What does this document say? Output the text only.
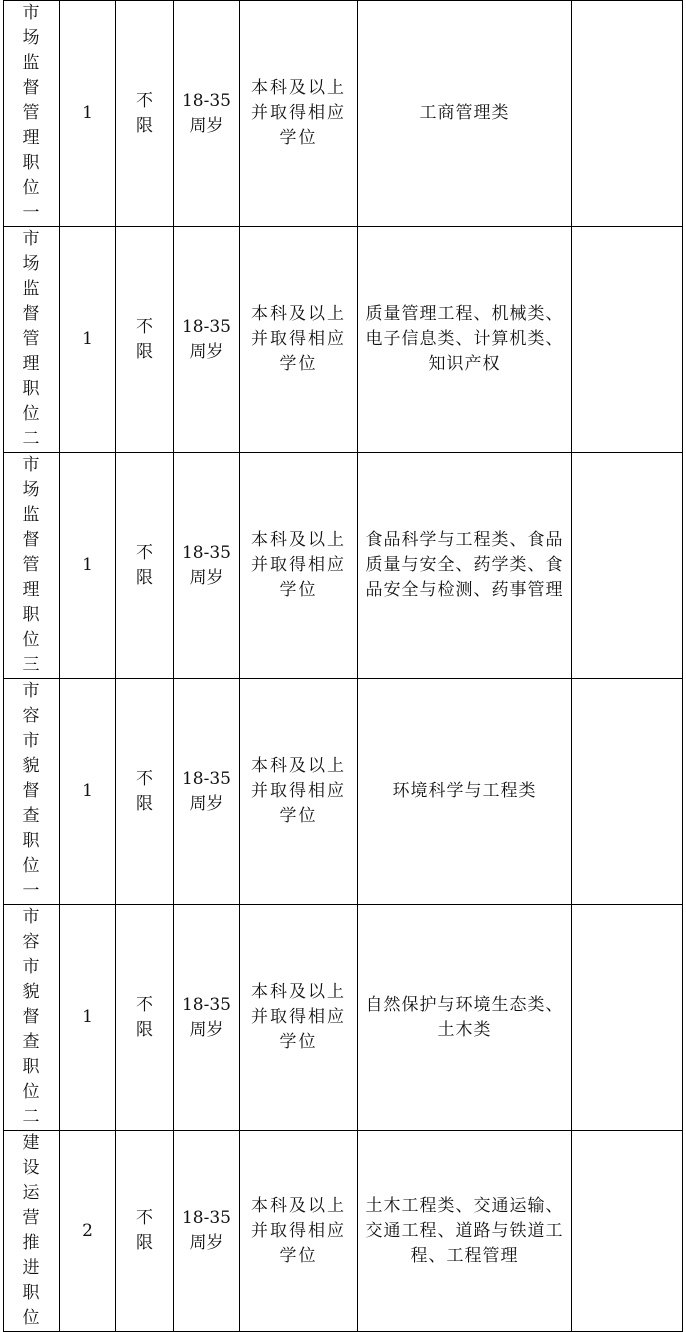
市场监督管理职位一	1	不限	18-35周岁	本科及以上并取得相应学位	工商管理类	

市场监督管理职位二	1	不限	18-35周岁	本科及以上并取得相应学位	质量管理工程、机械类、电子信息类、计算机类、知识产权	

市场监督管理职位三	1	不限	18-35周岁	本科及以上并取得相应学位	食品科学与工程类、食品质量与安全、药学类、食品安全与检测、药事管理	

市容市貌督查职位一	1	不限	18-35周岁	本科及以上并取得相应学位	环境科学与工程类	

市容市貌督查职位二	1	不限	18-35周岁	本科及以上并取得相应学位	自然保护与环境生态类、土木类	

建设运营推进职位	2	不限	18-35周岁	本科及以上并取得相应学位	土木工程类、交通运输、交通工程、道路与铁道工程、工程管理	
